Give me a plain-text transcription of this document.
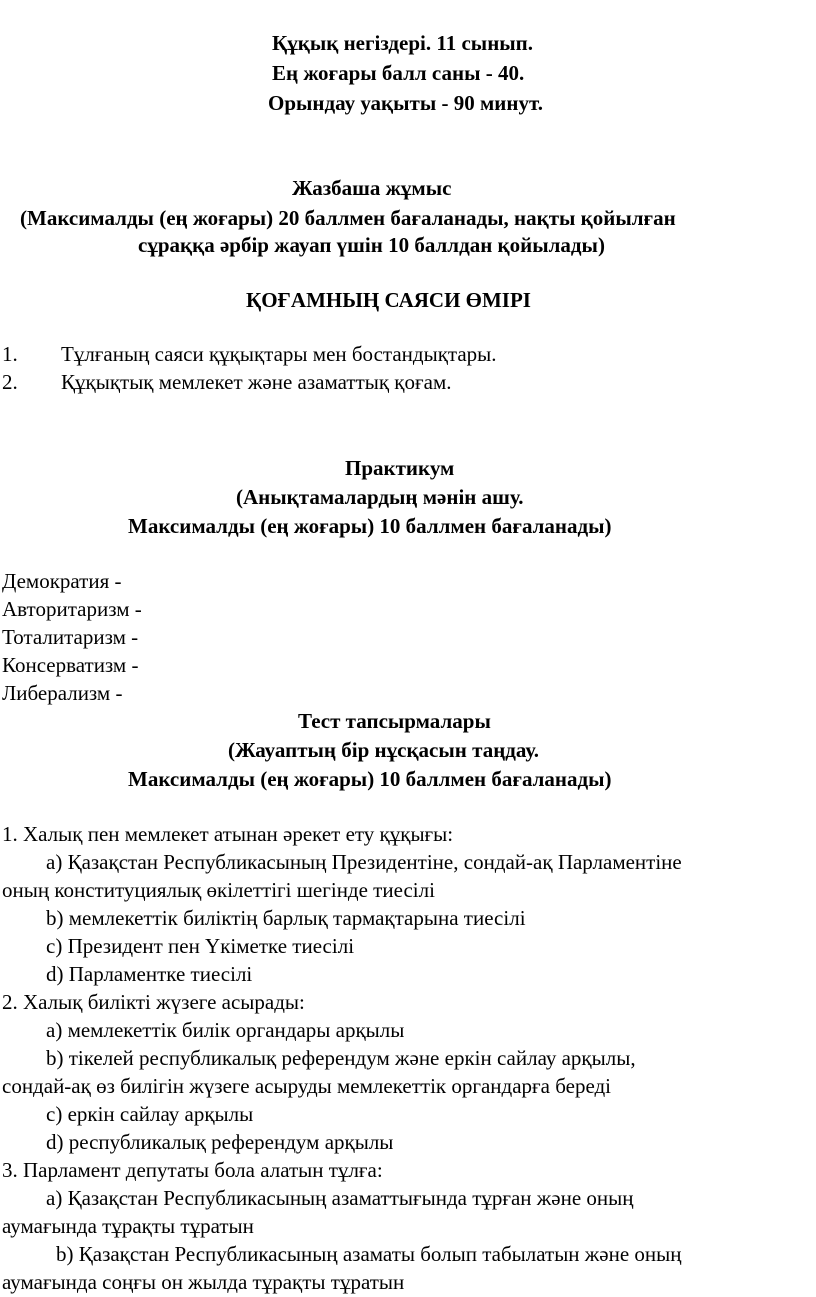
Құқық негіздері. 11 сынып.

Ең жоғары балл саны - 40.

Орындау уақыты - 90 минут.

Жазбаша жұмыс

(Максималды (ең жоғары) 20 баллмен бағаланады, нақты қойылған

сұраққа әрбір жауап үшін 10 баллдан қойылады)

ҚОҒАМНЫҢ САЯСИ ӨМІРІ

1. Тұлғаның саяси құқықтары мен бостандықтары.

2. Құқықтық мемлекет және азаматтық қоғам.

Практикум

(Анықтамалардың мәнін ашу.

Максималды (ең жоғары) 10 баллмен бағаланады)

Демократия -

Авторитаризм -

Тоталитаризм -

Консерватизм -

Либерализм -

Тест тапсырмалары

(Жауаптың бір нұсқасын таңдау.

Максималды (ең жоғары) 10 баллмен бағаланады)

1. Халық пен мемлекет атынан әрекет ету құқығы:

а) Қазақстан Республикасының Президентіне, сондай-ақ Парламентіне

оның конституциялық өкілеттігі шегінде тиесілі

b) мемлекеттік биліктің барлық тармақтарына тиесілі

c) Президент пен Үкіметке тиесілі

d) Парламентке тиесілі

2. Халық билікті жүзеге асырады:

а) мемлекеттік билік органдары арқылы

b) тікелей республикалық референдум және еркін сайлау арқылы,

сондай-ақ өз билігін жүзеге асыруды мемлекеттік органдарға береді

c) еркін сайлау арқылы

d) республикалық референдум арқылы

3. Парламент депутаты бола алатын тұлға:

а) Қазақстан Республикасының азаматтығында тұрған және оның

аумағында тұрақты тұратын

b) Қазақстан Республикасының азаматы болып табылатын және оның

аумағында соңғы он жылда тұрақты тұратын
